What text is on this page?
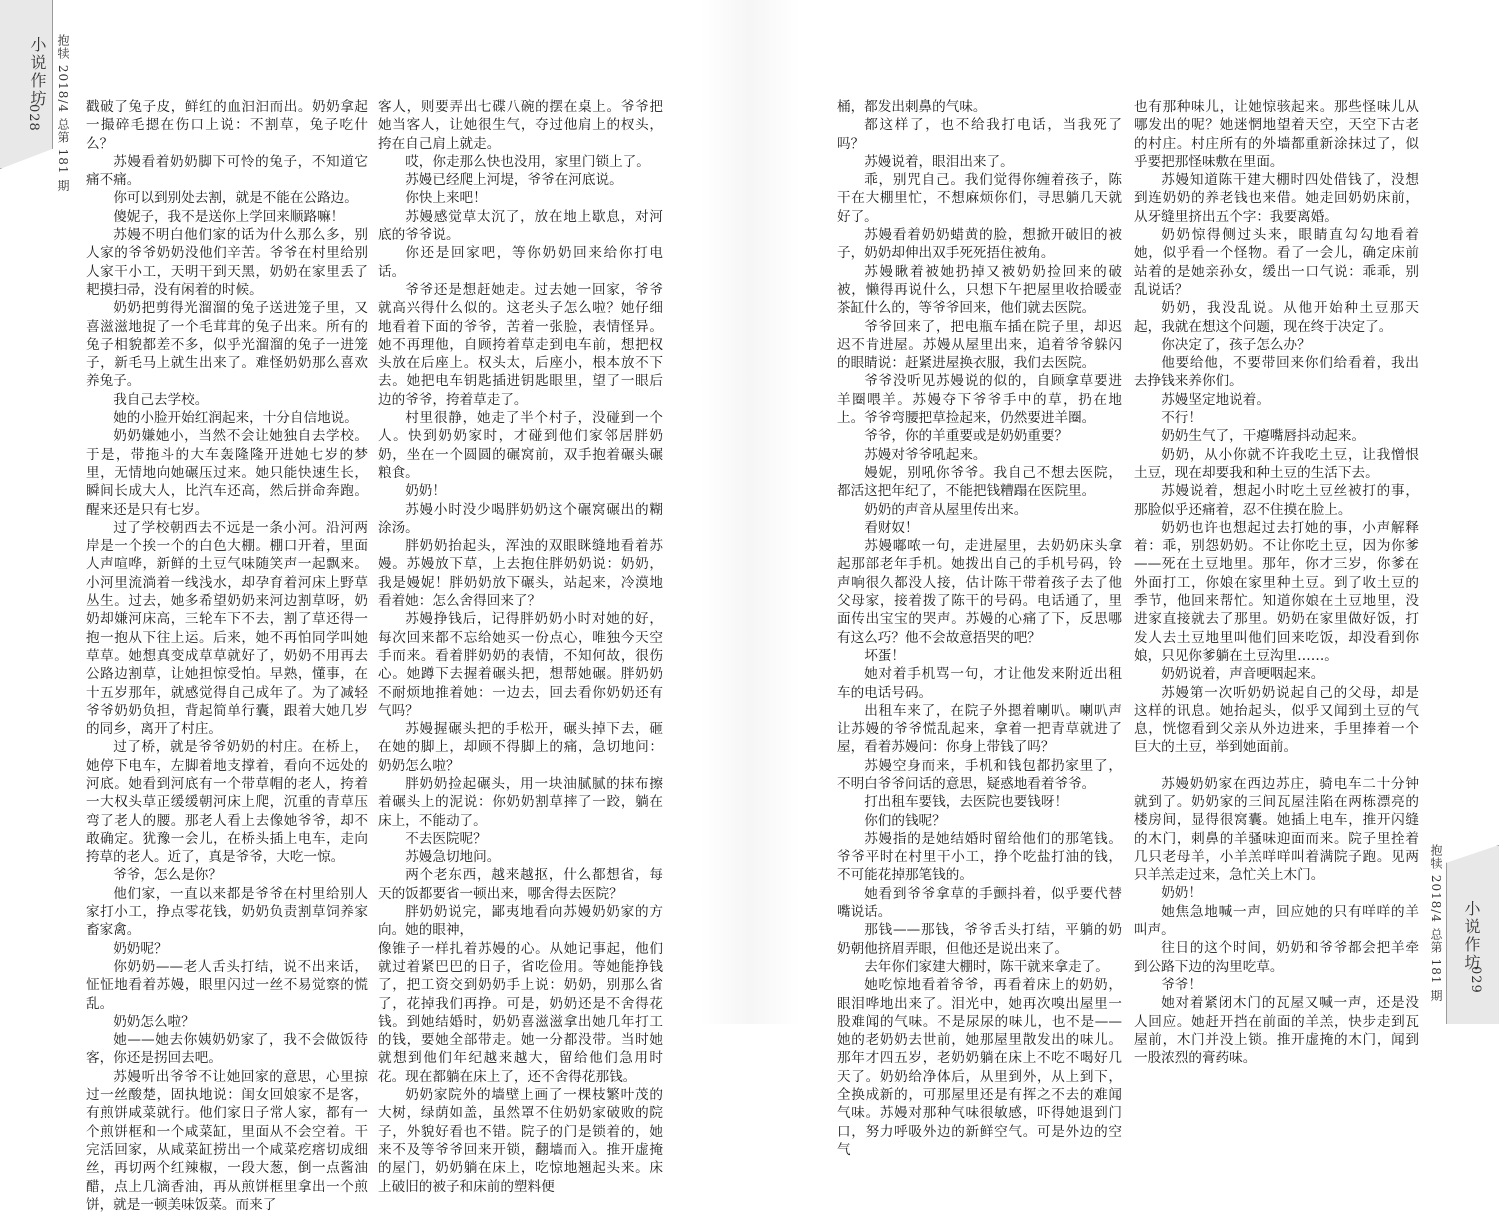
小说作坊
028 抱犊 2018/4 总第 181 期
抱犊 2018/4 总第 181 期 小说作坊
029

戳破了兔子皮，鲜红的血汩汩而出。奶奶拿起一撮碎毛摁在伤口上说：不割草，兔子吃什么？

苏嫚看着奶奶脚下可怜的兔子，不知道它痛不痛。

你可以到别处去割，就是不能在公路边。

傻妮子，我不是送你上学回来顺路嘛！

苏嫚不明白他们家的话为什么那么多，别人家的爷爷奶奶没他们辛苦。爷爷在村里给别人家干小工，天明干到天黑，奶奶在家里丢了耙摸扫帚，没有闲着的时候。

奶奶把剪得光溜溜的兔子送进笼子里，又喜滋滋地捉了一个毛茸茸的兔子出来。所有的兔子相貌都差不多，似乎光溜溜的兔子一进笼子，新毛马上就生出来了。难怪奶奶那么喜欢养兔子。

我自己去学校。

她的小脸开始红润起来，十分自信地说。

奶奶嫌她小，当然不会让她独自去学校。于是，带拖斗的大车轰隆隆开进她七岁的梦里，无情地向她碾压过来。她只能快速生长，瞬间长成大人，比汽车还高，然后拼命奔跑。醒来还是只有七岁。

过了学校朝西去不远是一条小河。沿河两岸是一个挨一个的白色大棚。棚口开着，里面人声喧哗，新鲜的土豆气味随笑声一起飘来。小河里流淌着一线浅水，却孕育着河床上野草丛生。过去，她多希望奶奶来河边割草呀，奶奶却嫌河床高，三轮车下不去，割了草还得一抱一抱从下往上运。后来，她不再怕同学叫她草草。她想真变成草草就好了，奶奶不用再去公路边割草，让她担惊受怕。早熟，懂事，在十五岁那年，就感觉得自己成年了。为了减轻爷爷奶奶负担，背起简单行囊，跟着大她几岁的同乡，离开了村庄。

过了桥，就是爷爷奶奶的村庄。在桥上，她停下电车，左脚着地支撑着，看向不远处的河底。她看到河底有一个带草帽的老人，挎着一大权头草正缓缓朝河床上爬，沉重的青草压弯了老人的腰。那老人看上去像她爷爷，却不敢确定。犹豫一会儿，在桥头插上电车，走向挎草的老人。近了，真是爷爷，大吃一惊。

爷爷，怎么是你？

他们家，一直以来都是爷爷在村里给别人家打小工，挣点零花钱，奶奶负责割草饲养家畜家禽。

奶奶呢？

你奶奶——老人舌头打结，说不出来话，怔怔地看着苏嫚，眼里闪过一丝不易觉察的慌乱。

奶奶怎么啦？

她——她去你姨奶奶家了，我不会做饭待客，你还是拐回去吧。

苏嫚听出爷爷不让她回家的意思，心里掠过一丝酸楚，固执地说：闺女回娘家不是客，有煎饼咸菜就行。他们家日子常人家，都有一个煎饼框和一个咸菜缸，里面从不会空着。干完活回家，从咸菜缸捞出一个咸菜疙瘩切成细丝，再切两个红辣椒，一段大葱，倒一点酱油醋，点上几滴香油，再从煎饼框里拿出一个煎饼，就是一顿美味饭菜。而来了

客人，则要弄出七碟八碗的摆在桌上。爷爷把她当客人，让她很生气，夺过他肩上的杈头，挎在自己肩上就走。

哎，你走那么快也没用，家里门锁上了。

苏嫚已经爬上河堤，爷爷在河底说。

你快上来吧！

苏嫚感觉草太沉了，放在地上歇息，对河底的爷爷说。

你还是回家吧，等你奶奶回来给你打电话。

爷爷还是想赶她走。过去她一回家，爷爷就高兴得什么似的。这老头子怎么啦？她仔细地看着下面的爷爷，苦着一张脸，表情怪异。她不再理他，自顾挎着草走到电车前，想把权头放在后座上。权头太，后座小，根本放不下去。她把电车钥匙插进钥匙眼里，望了一眼后边的爷爷，挎着草走了。

村里很静，她走了半个村子，没碰到一个人。快到奶奶家时，才碰到他们家邻居胖奶奶，坐在一个圆圆的碾窝前，双手抱着碾头碾粮食。

奶奶！

苏嫚小时没少喝胖奶奶这个碾窝碾出的糊涂汤。

胖奶奶抬起头，浑浊的双眼眯缝地看着苏嫚。苏嫚放下草，上去抱住胖奶奶说：奶奶，我是嫚妮！胖奶奶放下碾头，站起来，冷漠地看着她：怎么舍得回来了？

苏嫚挣钱后，记得胖奶奶小时对她的好，每次回来都不忘给她买一份点心，唯独今天空手而来。看着胖奶奶的表情，不知何故，很伤心。她蹲下去握着碾头把，想帮她碾。胖奶奶不耐烦地推着她：一边去，回去看你奶奶还有气吗？

苏嫚握碾头把的手松开，碾头掉下去，砸在她的脚上，却顾不得脚上的痛，急切地问：奶奶怎么啦？

胖奶奶捡起碾头，用一块油腻腻的抹布擦着碾头上的泥说：你奶奶割草摔了一跤，躺在床上，不能动了。

不去医院呢？

苏嫚急切地问。

两个老东西，越来越抠，什么都想省，每天的饭都要省一顿出来，哪舍得去医院？

胖奶奶说完，鄙夷地看向苏嫚奶奶家的方向。她的眼神，

像锥子一样扎着苏嫚的心。从她记事起，他们就过着紧巴巴的日子，省吃俭用。等她能挣钱了，把工资交到奶奶手上说：奶奶，别那么省了，花掉我们再挣。可是，奶奶还是不舍得花钱。到她结婚时，奶奶喜滋滋拿出她几年打工的钱，要她全部带走。她一分都没带。当时她就想到他们年纪越来越大，留给他们急用时花。现在都躺在床上了，还不舍得花那钱。

奶奶家院外的墙壁上画了一棵枝繁叶茂的大树，绿荫如盖，虽然罩不住奶奶家破败的院子，外貌好看也不错。院子的门是锁着的，她来不及等爷爷回来开锁，翻墙而入。推开虚掩的屋门，奶奶躺在床上，吃惊地翘起头来。床上破旧的被子和床前的塑料便

桶，都发出刺鼻的气味。

都这样了，也不给我打电话，当我死了吗？

苏嫚说着，眼泪出来了。

乖，别咒自己。我们觉得你缠着孩子，陈干在大棚里忙，不想麻烦你们，寻思躺几天就好了。

苏嫚看着奶奶蜡黄的脸，想掀开破旧的被子，奶奶却伸出双手死死捂住被角。

苏嫚瞅着被她扔掉又被奶奶捡回来的破被，懒得再说什么，只想下午把屋里收拾暖壶茶缸什么的，等爷爷回来，他们就去医院。

爷爷回来了，把电瓶车插在院子里，却迟迟不肯进屋。苏嫚从屋里出来，追着爷爷躲闪的眼睛说：赶紧进屋换衣服，我们去医院。

爷爷没听见苏嫚说的似的，自顾拿草要进羊圈喂羊。苏嫚夺下爷爷手中的草，扔在地上。爷爷弯腰把草捡起来，仍然要进羊圈。

爷爷，你的羊重要或是奶奶重要？

苏嫚对爷爷吼起来。

嫚妮，别吼你爷爷。我自己不想去医院，都活这把年纪了，不能把钱糟蹋在医院里。

奶奶的声音从屋里传出来。

看财奴！

苏嫚嘟哝一句，走进屋里，去奶奶床头拿起那部老年手机。她拨出自己的手机号码，铃声响很久都没人接，估计陈干带着孩子去了他父母家，接着拨了陈干的号码。电话通了，里面传出宝宝的哭声。苏嫚的心痛了下，反思哪有这么巧？他不会故意捂哭的吧？

坏蛋！

她对着手机骂一句，才让他发来附近出租车的电话号码。

出租车来了，在院子外摁着喇叭。喇叭声让苏嫚的爷爷慌乱起来，拿着一把青草就进了屋，看着苏嫚问：你身上带钱了吗？

苏嫚空身而来，手机和钱包都扔家里了，不明白爷爷问话的意思，疑惑地看着爷爷。

打出租车要钱，去医院也要钱呀！

你们的钱呢？

苏嫚指的是她结婚时留给他们的那笔钱。爷爷平时在村里干小工，挣个吃盐打油的钱，不可能花掉那笔钱的。

她看到爷爷拿草的手颤抖着，似乎要代替嘴说话。

那钱——那钱，爷爷舌头打结，平躺的奶奶朝他挤眉弄眼，但他还是说出来了。

去年你们家建大棚时，陈干就来拿走了。

她吃惊地看着爷爷，再看着床上的奶奶，眼泪哗地出来了。泪光中，她再次嗅出屋里一股难闻的气味。不是尿尿的味儿，也不是——她的老奶奶去世前，她那屋里散发出的味儿。那年才四五岁，老奶奶躺在床上不吃不喝好几天了。奶奶给净体后，从里到外，从上到下，全换成新的，可那屋里还是有挥之不去的难闻气味。苏嫚对那种气味很敏感，吓得她退到门口，努力呼吸外边的新鲜空气。可是外边的空气

也有那种味儿，让她惊骇起来。那些怪味儿从哪发出的呢？她迷惘地望着天空，天空下古老的村庄。村庄所有的外墙都重新涂抹过了，似乎要把那怪味敷在里面。

苏嫚知道陈干建大棚时四处借钱了，没想到连奶奶的养老钱也来借。她走回奶奶床前，从牙缝里挤出五个字：我要离婚。

奶奶惊得侧过头来，眼睛直勾勾地看着她，似乎看一个怪物。看了一会儿，确定床前站着的是她亲孙女，缓出一口气说：乖乖，别乱说话？

奶奶，我没乱说。从他开始种土豆那天起，我就在想这个问题，现在终于决定了。

你决定了，孩子怎么办？

他要给他，不要带回来你们给看着，我出去挣钱来养你们。

苏嫚坚定地说着。

不行！

奶奶生气了，干瘪嘴唇抖动起来。

奶奶，从小你就不许我吃土豆，让我憎恨土豆，现在却要我和种土豆的生活下去。

苏嫚说着，想起小时吃土豆丝被打的事，那脸似乎还痛着，忍不住摸在脸上。

奶奶也许也想起过去打她的事，小声解释着：乖，别怨奶奶。不让你吃土豆，因为你爹——死在土豆地里。那年，你才三岁，你爹在外面打工，你娘在家里种土豆。到了收土豆的季节，他回来帮忙。知道你娘在土豆地里，没进家直接就去了那里。奶奶在家里做好饭，打发人去土豆地里叫他们回来吃饭，却没看到你娘，只见你爹躺在土豆沟里……。

奶奶说着，声音哽咽起来。

苏嫚第一次听奶奶说起自己的父母，却是这样的讯息。她抬起头，似乎又闻到土豆的气息，恍惚看到父亲从外边进来，手里捧着一个巨大的土豆，举到她面前。

苏嫚奶奶家在西边苏庄，骑电车二十分钟就到了。奶奶家的三间瓦屋洼陷在两栋漂亮的楼房间，显得很窝囊。她插上电车，推开闪缝的木门，刺鼻的羊骚味迎面而来。院子里拴着几只老母羊，小羊羔咩咩叫着满院子跑。见两只羊羔走过来，急忙关上木门。

奶奶！

她焦急地喊一声，回应她的只有咩咩的羊叫声。

往日的这个时间，奶奶和爷爷都会把羊牵到公路下边的沟里吃草。

爷爷！

她对着紧闭木门的瓦屋又喊一声，还是没人回应。她赶开挡在前面的羊羔，快步走到瓦屋前，木门并没上锁。推开虚掩的木门，闻到一股浓烈的膏药味。
